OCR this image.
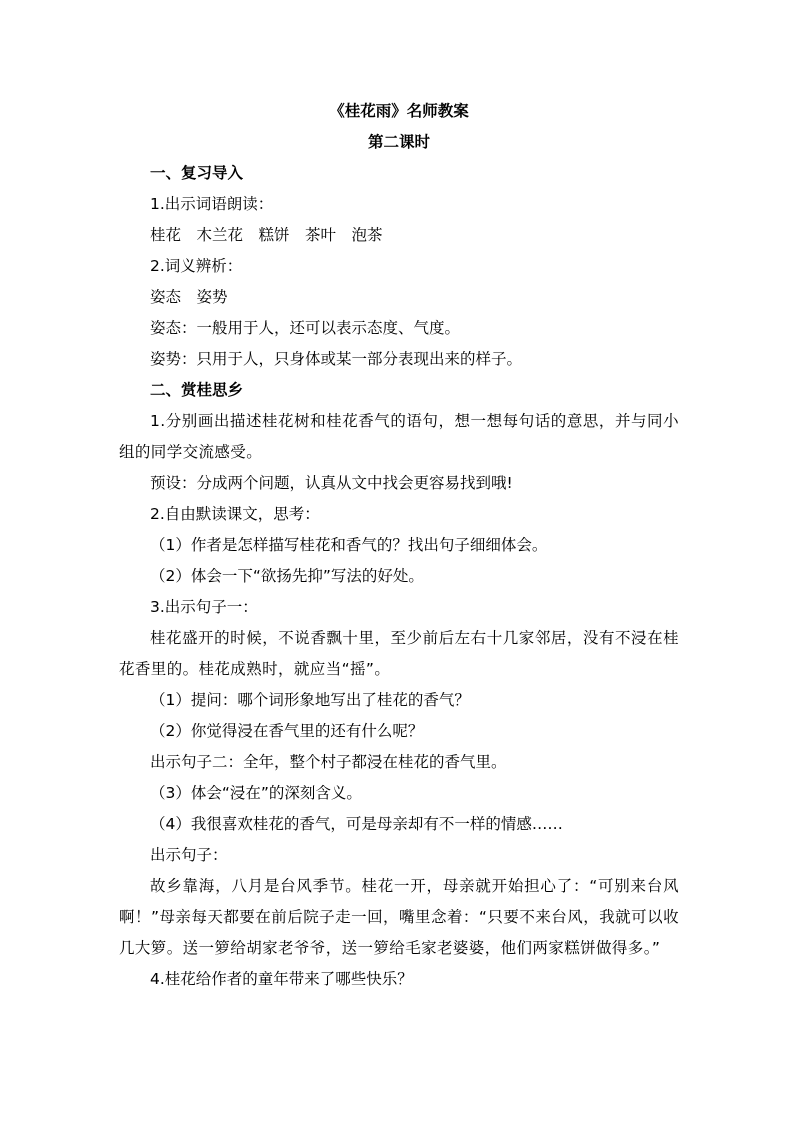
《桂花雨》名师教案

第二课时

一、复习导入

1.出示词语朗读：

桂花　木兰花　糕饼　茶叶　泡茶

2.词义辨析：

姿态　姿势

姿态：一般用于人，还可以表示态度、气度。

姿势：只用于人，只身体或某一部分表现出来的样子。

二、赏桂思乡

1.分别画出描述桂花树和桂花香气的语句，想一想每句话的意思，并与同小组的同学交流感受。

预设：分成两个问题，认真从文中找会更容易找到哦!

2.自由默读课文，思考：

（1）作者是怎样描写桂花和香气的？找出句子细细体会。

（2）体会一下“欲扬先抑”写法的好处。

3.出示句子一：

桂花盛开的时候，不说香飘十里，至少前后左右十几家邻居，没有不浸在桂花香里的。桂花成熟时，就应当“摇”。

（1）提问：哪个词形象地写出了桂花的香气？

（2）你觉得浸在香气里的还有什么呢？

出示句子二：全年，整个村子都浸在桂花的香气里。

（3）体会“浸在”的深刻含义。

（4）我很喜欢桂花的香气，可是母亲却有不一样的情感……

出示句子：

故乡靠海，八月是台风季节。桂花一开，母亲就开始担心了：“可别来台风啊！”母亲每天都要在前后院子走一回，嘴里念着：“只要不来台风，我就可以收几大箩。送一箩给胡家老爷爷，送一箩给毛家老婆婆，他们两家糕饼做得多。”

4.桂花给作者的童年带来了哪些快乐？
